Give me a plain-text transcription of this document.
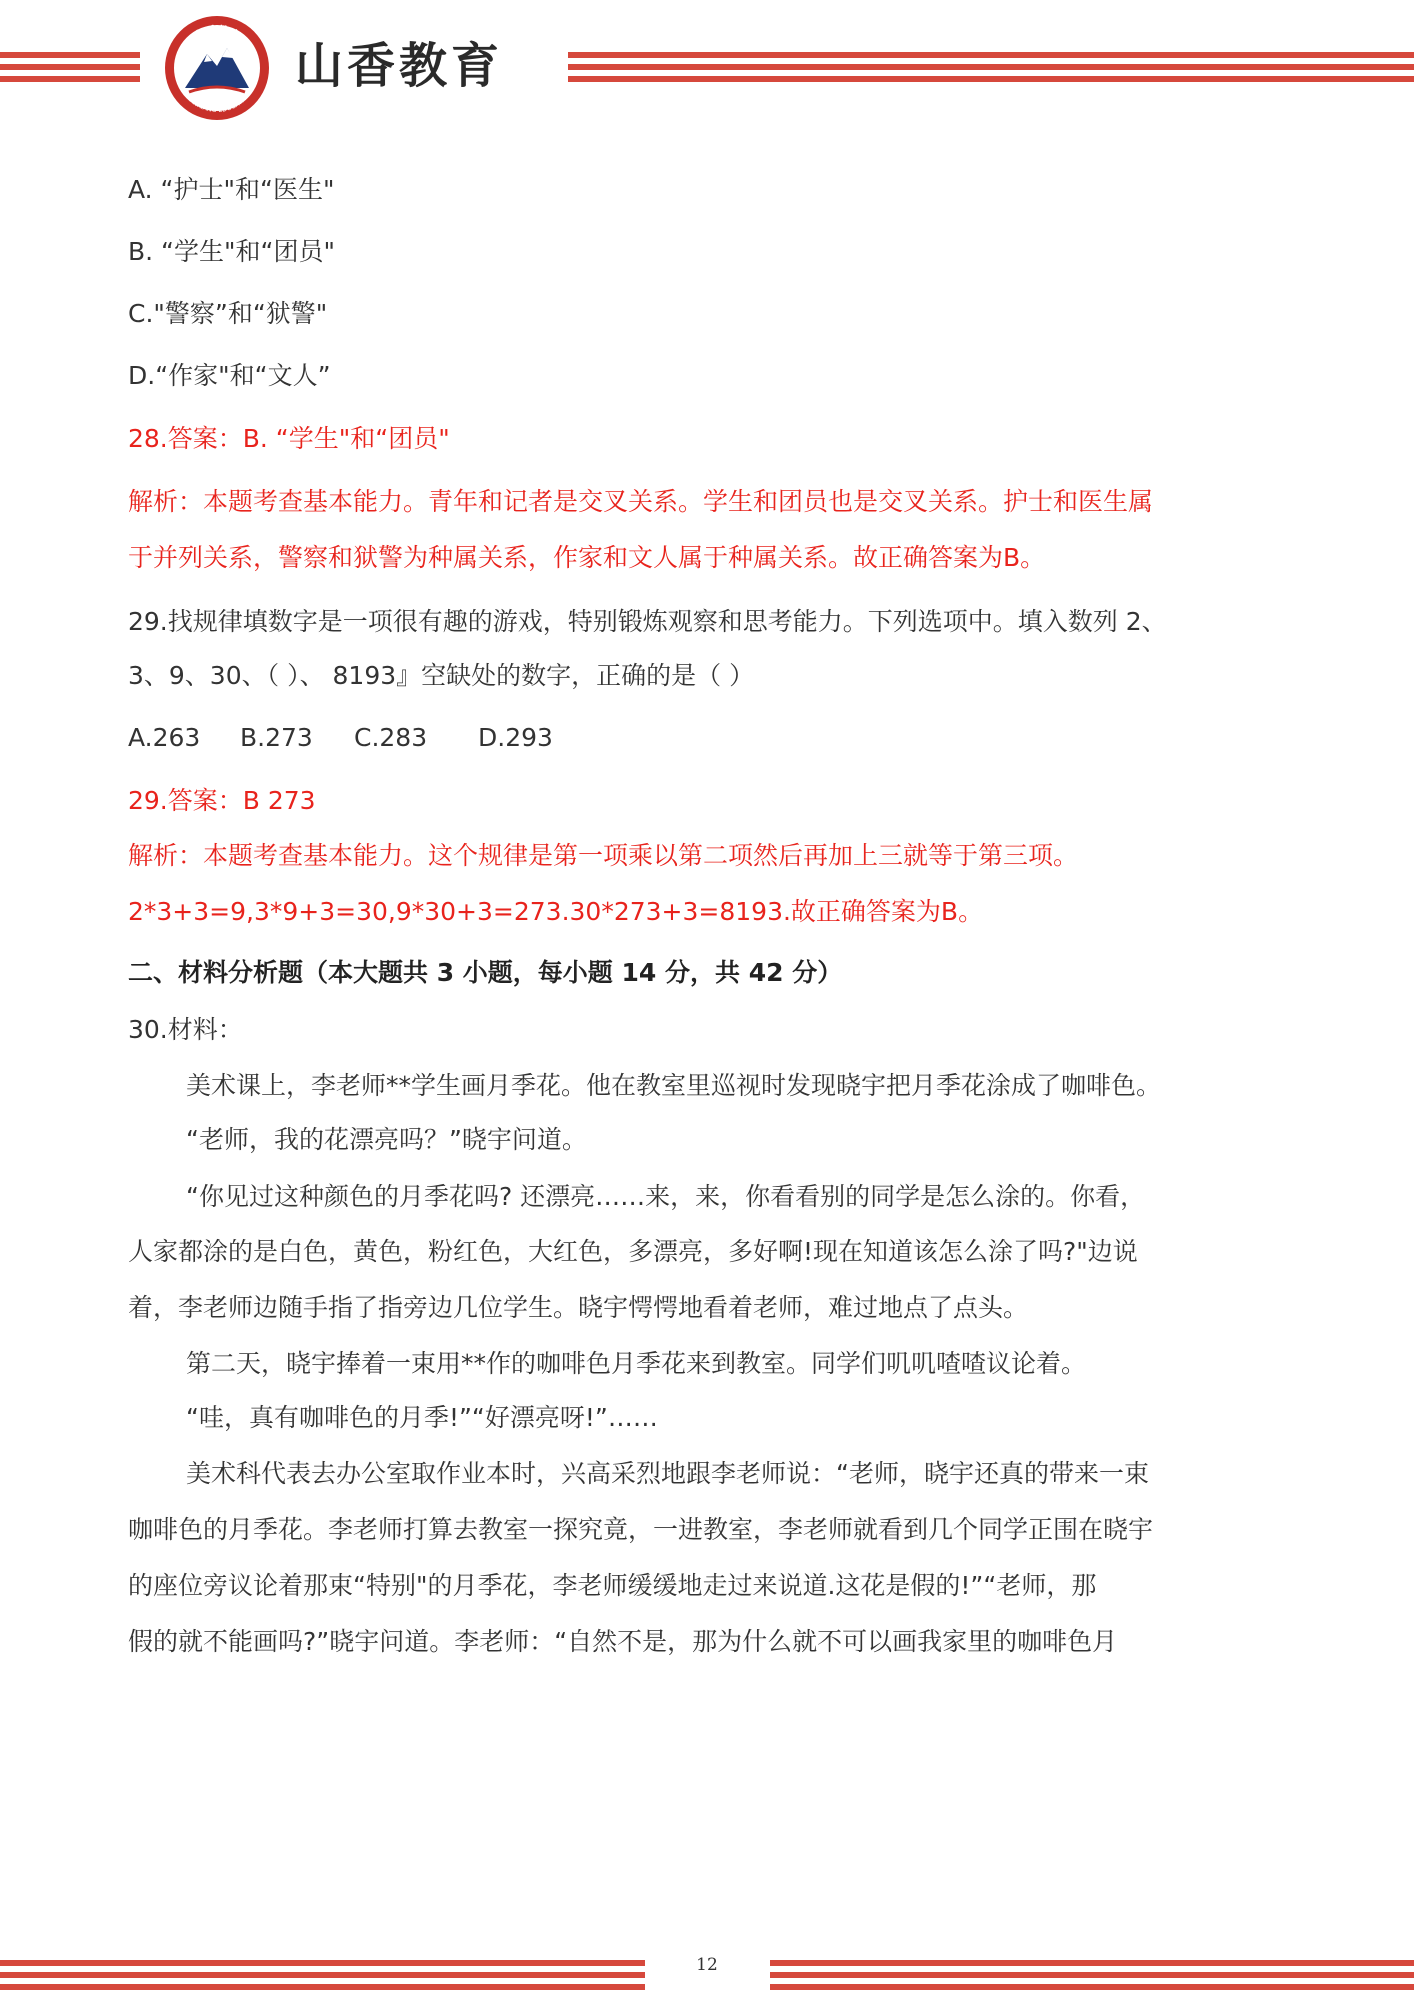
山香教育
SHANXIANG EDUCATION
山香教育
A. “护士"和“医生"
B. “学生"和“团员"
C."警察”和“狱警"
D.“作家"和“文人”
28.答案：B. “学生"和“团员"
解析：本题考查基本能力。青年和记者是交叉关系。学生和团员也是交叉关系。护士和医生属
于并列关系，警察和狱警为种属关系，作家和文人属于种属关系。故正确答案为B。
29.找规律填数字是一项很有趣的游戏，特别锻炼观察和思考能力。下列选项中。填入数列 2、
3、9、30、（ ）、 8193』空缺处的数字，正确的是（ ）
A.263 B.273 C.283 D.293
29.答案：B 273
解析：本题考查基本能力。这个规律是第一项乘以第二项然后再加上三就等于第三项。
2*3+3=9,3*9+3=30,9*30+3=273.30*273+3=8193.故正确答案为B。
二、材料分析题（本大题共 3 小题，每小题 14 分，共 42 分）
30.材料：
美术课上，李老师**学生画月季花。他在教室里巡视时发现晓宇把月季花涂成了咖啡色。
“老师，我的花漂亮吗？”晓宇问道。
“你见过这种颜色的月季花吗? 还漂亮……来，来，你看看别的同学是怎么涂的。你看，
人家都涂的是白色，黄色，粉红色，大红色，多漂亮，多好啊!现在知道该怎么涂了吗?"边说
着，李老师边随手指了指旁边几位学生。晓宇愕愕地看着老师，难过地点了点头。
第二天，晓宇捧着一束用**作的咖啡色月季花来到教室。同学们叽叽喳喳议论着。
“哇，真有咖啡色的月季!”“好漂亮呀!”……
美术科代表去办公室取作业本时，兴高采烈地跟李老师说：“老师，晓宇还真的带来一束
咖啡色的月季花。李老师打算去教室一探究竟，一进教室，李老师就看到几个同学正围在晓宇
的座位旁议论着那束“特别"的月季花，李老师缓缓地走过来说道.这花是假的!”“老师，那
假的就不能画吗?”晓宇问道。李老师：“自然不是，那为什么就不可以画我家里的咖啡色月
12
